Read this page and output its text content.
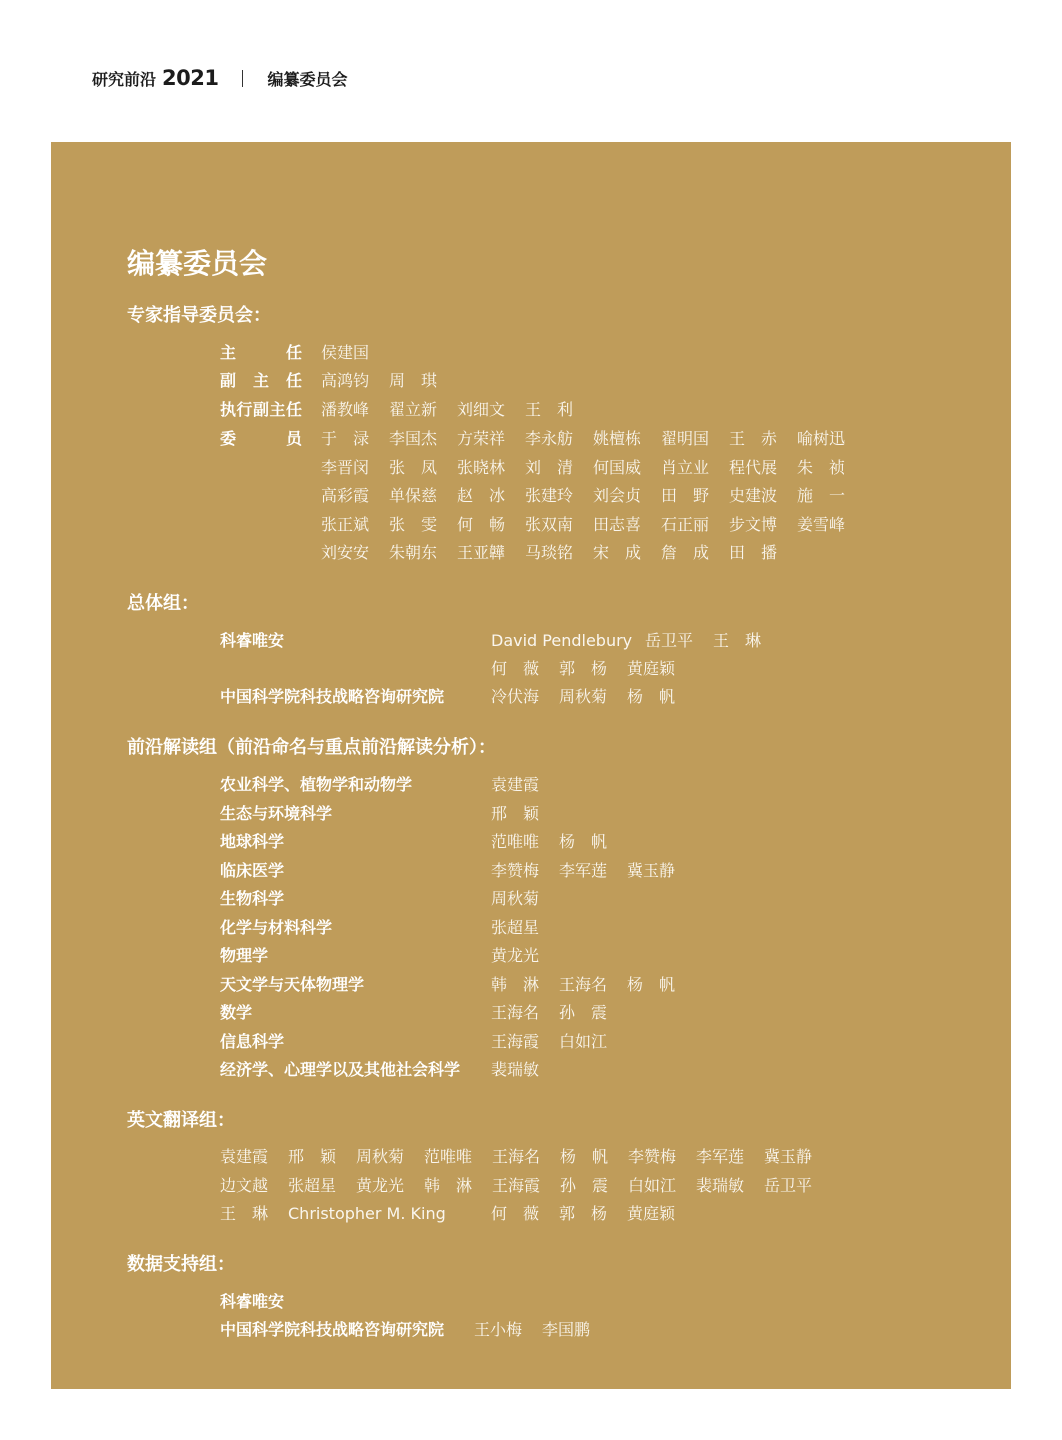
研究前沿 2021	编纂委员会
编纂委员会
专家指导委员会：
主　任 侯建国
副主任 高鸿钧 周　琪
执行副主任 潘教峰 翟立新 刘细文 王　利
委　员 于　渌 李国杰 方荣祥 李永舫 姚檀栋 翟明国 王　赤 喻树迅
李晋闵 张　凤 张晓林 刘　清 何国威 肖立业 程代展 朱　祯
高彩霞 单保慈 赵　冰 张建玲 刘会贞 田　野 史建波 施　一
张正斌 张　雯 何　畅 张双南 田志喜 石正丽 步文博 姜雪峰
刘安安 朱朝东 王亚韡 马琰铭 宋　成 詹　成 田　播
总体组：
科睿唯安	David Pendlebury 岳卫平 王　琳
何　薇 郭　杨 黄庭颖
中国科学院科技战略咨询研究院	冷伏海 周秋菊 杨　帆
前沿解读组（前沿命名与重点前沿解读分析）：
农业科学、植物学和动物学	袁建霞
生态与环境科学	邢　颖
地球科学	范唯唯 杨　帆
临床医学	李赞梅 李军莲 冀玉静
生物科学	周秋菊
化学与材料科学	张超星
物理学	黄龙光
天文学与天体物理学	韩　淋 王海名 杨　帆
数学	王海名 孙　震
信息科学	王海霞 白如江
经济学、心理学以及其他社会科学 裴瑞敏
英文翻译组：
袁建霞 邢　颖 周秋菊 范唯唯 王海名 杨　帆 李赞梅 李军莲 冀玉静
边文越 张超星 黄龙光 韩　淋 王海霞 孙　震 白如江 裴瑞敏 岳卫平
王　琳 Christopher M. King	何　薇 郭　杨 黄庭颖
数据支持组：
科睿唯安
中国科学院科技战略咨询研究院 王小梅 李国鹏
